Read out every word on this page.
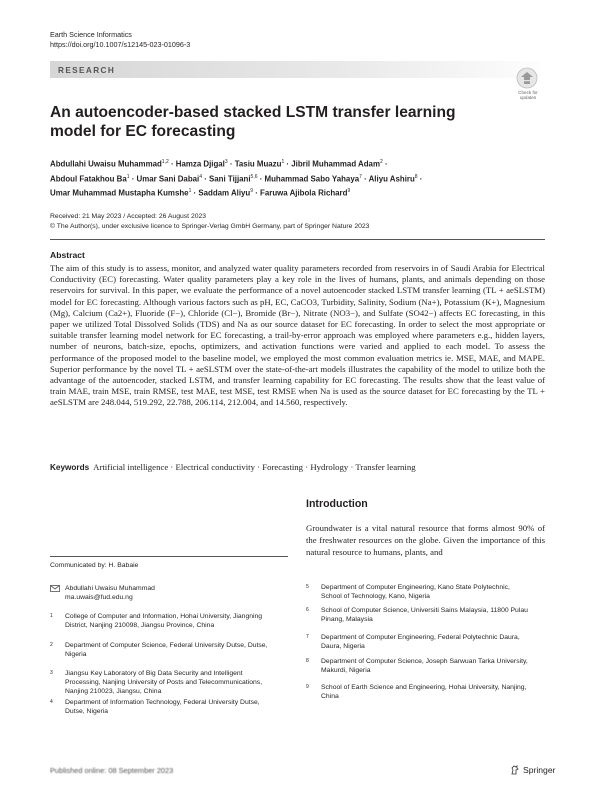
Earth Science Informatics
https://doi.org/10.1007/s12145-023-01096-3
RESEARCH
Check for updates
An autoencoder-based stacked LSTM transfer learning model for EC forecasting
Abdullahi Uwaisu Muhammad$^{1,2}$ · Hamza Djigal$^3$ · Tasiu Muazu$^1$ · Jibril Muhammad Adam$^2$ ·
Abdoul Fatakhou $Ba^1$ · Umar Sani Dabai$^4$ · Sani Tijjani$^{5,6}$ · Muhammad Sabo Yahaya$^7$ · Aliyu Ashiru$^8$ ·
Umar Muhammad Mustapha Kumshe$^1$ · Saddam Aliyu$^9$ · Faruwa Ajibola Richard$^9$
Received: 21 May 2023 / Accepted: 26 August 2023
© The Author(s), under exclusive licence to Springer-Verlag GmbH Germany, part of Springer Nature 2023
Abstract
The aim of this study is to assess, monitor, and analyzed water quality parameters recorded from reservoirs in of Saudi Arabia for Electrical Conductivity (EC) forecasting. Water quality parameters play a key role in the lives of humans, plants, and animals depending on those reservoirs for survival. In this paper, we evaluate the performance of a novel autoencoder stacked LSTM transfer learning (TL + aeSLSTM) model for EC forecasting. Although various factors such as pH, EC, CaCO3, Turbidity, Salinity, Sodium (Na+), Potassium (K+), Magnesium (Mg), Calcium (Ca2+), Fluoride (F−), Chloride (Cl−), Bromide (Br−), Nitrate (NO3−), and Sulfate (SO42−) affects EC forecasting, in this paper we utilized Total Dissolved Solids (TDS) and Na as our source dataset for EC forecasting. In order to select the most appropriate or suitable transfer learning model network for EC forecasting, a trail-by-error approach was employed where parameters e.g., hidden layers, number of neurons, batch-size, epochs, optimizers, and activation functions were varied and applied to each model. To assess the performance of the proposed model to the baseline model, we employed the most common evaluation metrics ie. MSE, MAE, and MAPE. Superior performance by the novel TL + aeSLSTM over the state-of-the-art models illustrates the capability of the model to utilize both the advantage of the autoencoder, stacked LSTM, and transfer learning capability for EC forecasting. The results show that the least value of train MAE, train MSE, train RMSE, test MAE, test MSE, test RMSE when Na is used as the source dataset for EC forecasting by the TL + aeSLSTM are 248.044, 519.292, 22.788, 206.114, 212.004, and 14.560, respectively.
Keywords Artificial intelligence · Electrical conductivity · Forecasting · Hydrology · Transfer learning
Introduction
Groundwater is a vital natural resource that forms almost 90% of the freshwater resources on the globe. Given the importance of this natural resource to humans, plants, and
Communicated by: H. Babaie
Abdullahi Uwaisu Muhammad
ma.uwais@fud.edu.ng
1 College of Computer and Information, Hohai University, Jiangning District, Nanjing 210098, Jiangsu Province, China
2 Department of Computer Science, Federal University Dutse, Dutse, Nigeria
3 Jiangsu Key Laboratory of Big Data Security and Intelligent Processing, Nanjing University of Posts and Telecommunications, Nanjing 210023, Jiangsu, China
4 Department of Information Technology, Federal University Dutse, Dutse, Nigeria
5 Department of Computer Engineering, Kano State Polytechnic, School of Technology, Kano, Nigeria
6 School of Computer Science, Universiti Sains Malaysia, 11800 Pulau Pinang, Malaysia
7 Department of Computer Engineering, Federal Polytechnic Daura, Daura, Nigeria
8 Department of Computer Science, Joseph Sarwuan Tarka University, Makurdi, Nigeria
9 School of Earth Science and Engineering, Hohai University, Nanjing, China
Published online: 08 September 2023	Springer
